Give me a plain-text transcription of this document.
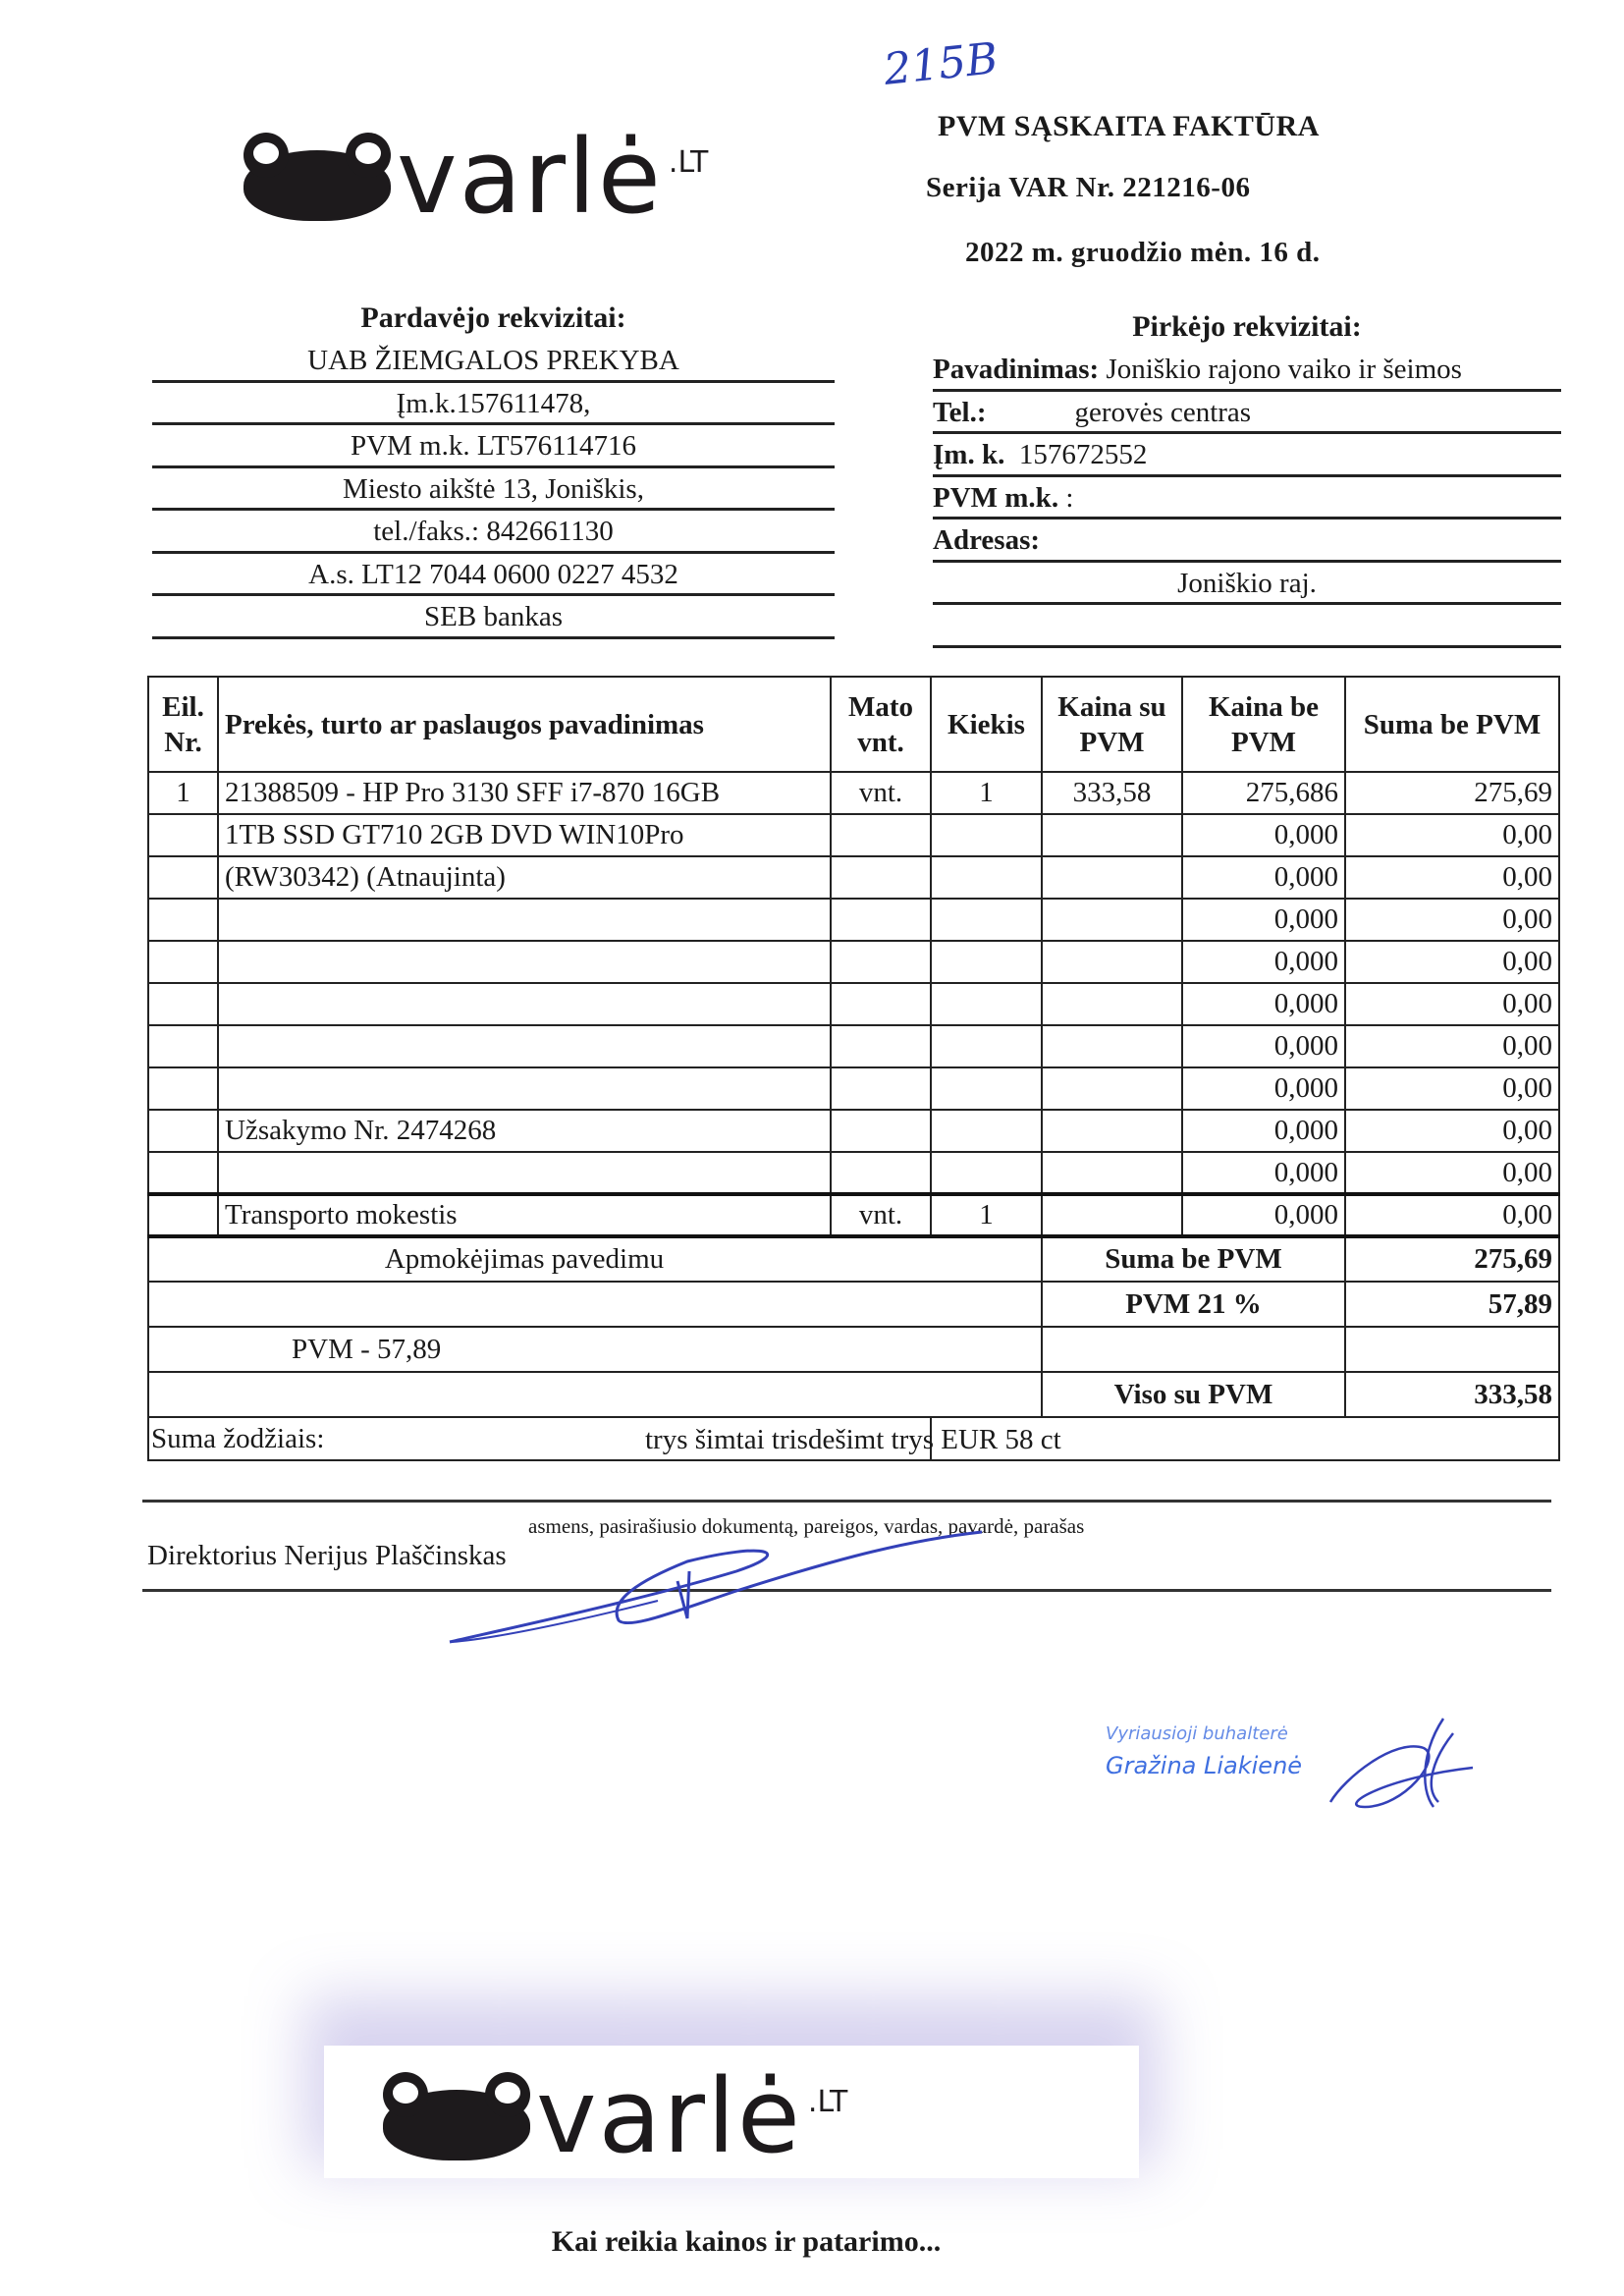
215B
varlė .LT
PVM SĄSKAITA FAKTŪRA
Serija VAR Nr. 221216-06
2022 m. gruodžio mėn. 16 d.
Pardavėjo rekvizitai:
UAB ŽIEMGALOS PREKYBA
Įm.k.157611478,
PVM m.k. LT576114716
Miesto aikštė 13, Joniškis,
tel./faks.: 842661130
A.s. LT12 7044 0600 0227 4532
SEB bankas
Pirkėjo rekvizitai:
Pavadinimas: Joniškio rajono vaiko ir šeimos
Tel.:	gerovės centras
Įm. k. 157672552
PVM m.k. :
Adresas:
Joniškio raj.
Eil. Nr.	Prekės, turto ar paslaugos pavadinimas	Mato vnt.	Kiekis	Kaina su PVM	Kaina be PVM	Suma be PVM
1	21388509 - HP Pro 3130 SFF i7-870 16GB	vnt.	1	333,58	275,686	275,69
	1TB SSD GT710 2GB DVD WIN10Pro				0,000	0,00
	(RW30342) (Atnaujinta)				0,000	0,00
					0,000	0,00
					0,000	0,00
					0,000	0,00
					0,000	0,00
					0,000	0,00
	Užsakymo Nr. 2474268				0,000	0,00
					0,000	0,00
	Transporto mokestis	vnt.	1		0,000	0,00
Apmokėjimas pavedimu				Suma be PVM		275,69
				PVM 21 %		57,89
PVM - 57,89						
				Viso su PVM		333,58
Suma žodžiais:			trys šimtai trisdešimt trys EUR 58 ct			
asmens, pasirašiusio dokumentą, pareigos, vardas, pavardė, parašas
Direktorius Nerijus Plaščinskas
Vyriausioji buhalterė
Gražina Liakienė
varlė .LT
Kai reikia kainos ir patarimo...
